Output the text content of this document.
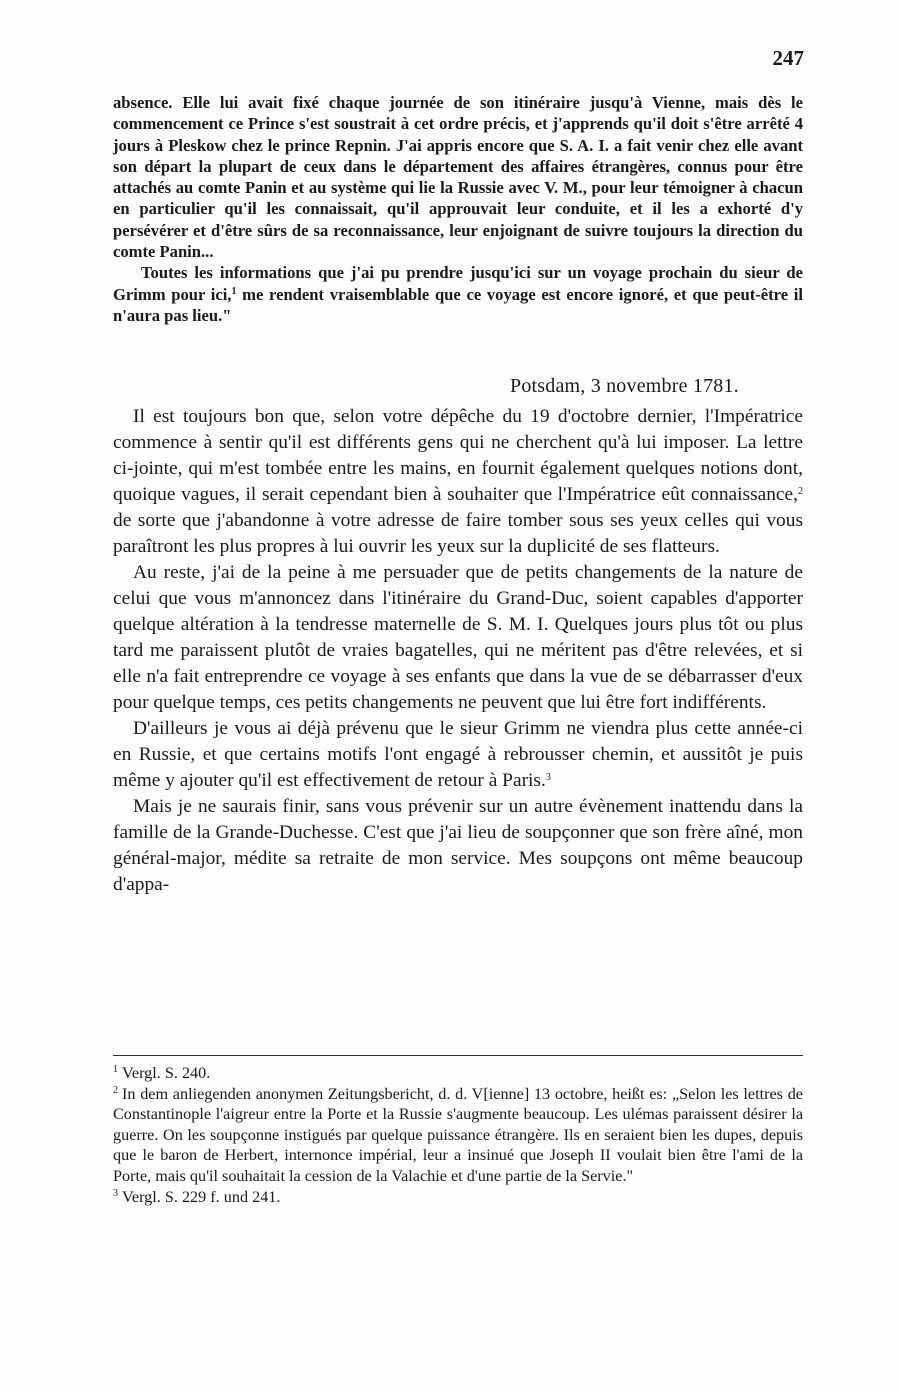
247

absence. Elle lui avait fixé chaque journée de son itinéraire jusqu'à Vienne, mais dès le commencement ce Prince s'est soustrait à cet ordre précis, et j'apprends qu'il doit s'être arrêté 4 jours à Pleskow chez le prince Repnin. J'ai appris encore que S. A. I. a fait venir chez elle avant son départ la plupart de ceux dans le département des affaires étrangères, connus pour être attachés au comte Panin et au système qui lie la Russie avec V. M., pour leur témoigner à chacun en particulier qu'il les connaissait, qu'il approuvait leur conduite, et il les a exhorté d'y persévérer et d'être sûrs de sa reconnaissance, leur enjoignant de suivre toujours la direction du comte Panin...

Toutes les informations que j'ai pu prendre jusqu'ici sur un voyage prochain du sieur de Grimm pour ici,$^1$ me rendent vraisemblable que ce voyage est encore ignoré, et que peut-être il n'aura pas lieu."

Potsdam, 3 novembre 1781.

Il est toujours bon que, selon votre dépêche du 19 d'octobre dernier, l'Impératrice commence à sentir qu'il est différents gens qui ne cherchent qu'à lui imposer. La lettre ci-jointe, qui m'est tombée entre les mains, en fournit également quelques notions dont, quoique vagues, il serait cependant bien à souhaiter que l'Impératrice eût connaissance,$^2$ de sorte que j'abandonne à votre adresse de faire tomber sous ses yeux celles qui vous paraîtront les plus propres à lui ouvrir les yeux sur la duplicité de ses flatteurs.

Au reste, j'ai de la peine à me persuader que de petits changements de la nature de celui que vous m'annoncez dans l'itinéraire du Grand-Duc, soient capables d'apporter quelque altération à la tendresse maternelle de S. M. I. Quelques jours plus tôt ou plus tard me paraissent plutôt de vraies bagatelles, qui ne méritent pas d'être relevées, et si elle n'a fait entreprendre ce voyage à ses enfants que dans la vue de se débarrasser d'eux pour quelque temps, ces petits changements ne peuvent que lui être fort indifférents.

D'ailleurs je vous ai déjà prévenu que le sieur Grimm ne viendra plus cette année-ci en Russie, et que certains motifs l'ont engagé à rebrousser chemin, et aussitôt je puis même y ajouter qu'il est effectivement de retour à Paris.$^3$

Mais je ne saurais finir, sans vous prévenir sur un autre évènement inattendu dans la famille de la Grande-Duchesse. C'est que j'ai lieu de soupçonner que son frère aîné, mon général-major, médite sa retraite de mon service. Mes soupçons ont même beaucoup d'appa-

$^1$ Vergl. S. 240.

$^2$ In dem anliegenden anonymen Zeitungsbericht, d. d. V[ienne] 13 octobre, heißt es: „Selon les lettres de Constantinople l'aigreur entre la Porte et la Russie s'augmente beaucoup. Les ulémas paraissent désirer la guerre. On les soupçonne instigués par quelque puissance étrangère. Ils en seraient bien les dupes, depuis que le baron de Herbert, internonce impérial, leur a insinué que Joseph II voulait bien être l'ami de la Porte, mais qu'il souhaitait la cession de la Valachie et d'une partie de la Servie."

$^3$ Vergl. S. 229 f. und 241.
